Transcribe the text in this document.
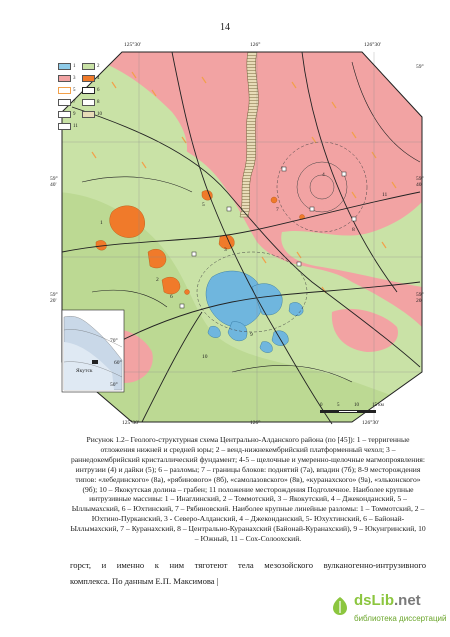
14
125°30'	126°	126°30'
59°
59° 40'
59° 20'
59° 40'
59° 20'
125°30'	126°	126°30'
70°
60°
50°
Якутск
1
2
3
4
5
6
7
8
9
10
11
1	2
3	4
5	6
7	8
9	10
11
0	5	10	15 км
Рисунок 1.2– Геолого-структурная схема Центрально-Алданского района (по [45]): 1 – терригенные отложения нижней и средней юры; 2 – венд-нижнекембрийский платформенный чехол; 3 – раннедокембрийский кристаллический фундамент; 4-5 – щелочные и умеренно-щелочные магмопроявления: интрузии (4) и дайки (5); 6 – разломы; 7 – границы блоков: поднятий (7а), впадин (7б); 8-9 месторождения типов: «лебединского» (8а), «рябинового» (8б), «самолазовского» (8в), «куранахского» (9а), «эльконского» (9б); 10 – Якокутская долина – грабен; 11 положение месторождения Подголечное. Наиболее крупные интрузивные массивы: 1 – Инаглинский, 2 – Томмотский, 3 – Якокутский, 4 – Джеконданский, 5 – Ыллымахский, 6 – Юхтинский, 7 – Рябиновский. Наиболее крупные линейные разломы: 1 – Томмотский, 2 – Юхтино-Пурканский, 3 - Северо-Алданский, 4 – Джеконданский, 5- Юхухтинский, 6 – Байонай-Ыллымахский, 7 – Куранахский, 8 – Центрально-Куранахский (Байонай-Куранахский), 9 – Юкунгринский, 10 – Южный, 11 – Сох-Солоохский.
горст, и именно к ним тяготеют тела мезозойского вулканогенно-интрузивного
комплекса. По данным Е.П. Максимова |
dsLib.net
библиотека диссертаций
